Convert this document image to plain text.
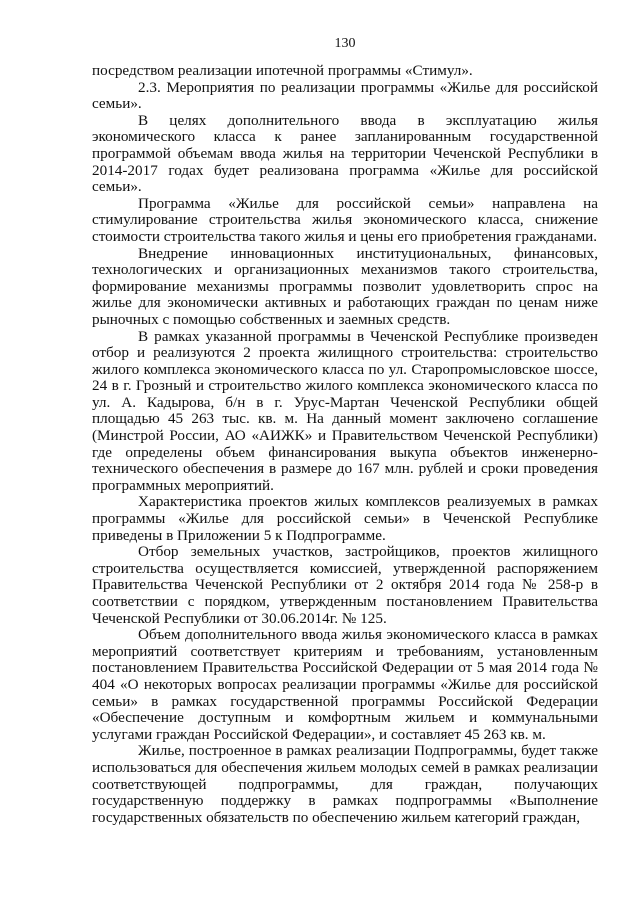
130

посредством реализации ипотечной программы «Стимул».

2.3. Мероприятия по реализации программы «Жилье для российской семьи».

В целях дополнительного ввода в эксплуатацию жилья экономического класса к ранее запланированным государственной программой объемам ввода жилья на территории Чеченской Республики в 2014-2017 годах будет реализована программа «Жилье для российской семьи».

Программа «Жилье для российской семьи» направлена на стимулирование строительства жилья экономического класса, снижение стоимости строительства такого жилья и цены его приобретения гражданами.

Внедрение инновационных институциональных, финансовых, технологических и организационных механизмов такого строительства, формирование механизмы программы позволит удовлетворить спрос на жилье для экономически активных и работающих граждан по ценам ниже рыночных с помощью собственных и заемных средств.

В рамках указанной программы в Чеченской Республике произведен отбор и реализуются 2 проекта жилищного строительства: строительство жилого комплекса экономического класса по ул. Старопромысловское шоссе, 24 в г. Грозный и строительство жилого комплекса экономического класса по ул. А. Кадырова, б/н в г. Урус-Мартан Чеченской Республики общей площадью 45 263 тыс. кв. м. На данный момент заключено соглашение (Минстрой России, АО «АИЖК» и Правительством Чеченской Республики) где определены объем финансирования выкупа объектов инженерно-технического обеспечения в размере до 167 млн. рублей и сроки проведения программных мероприятий.

Характеристика проектов жилых комплексов реализуемых в рамках программы «Жилье для российской семьи» в Чеченской Республике приведены в Приложении 5 к Подпрограмме.

Отбор земельных участков, застройщиков, проектов жилищного строительства осуществляется комиссией, утвержденной распоряжением Правительства Чеченской Республики от 2 октября 2014 года № 258-р в соответствии с порядком, утвержденным постановлением Правительства Чеченской Республики от 30.06.2014г. № 125.

Объем дополнительного ввода жилья экономического класса в рамках мероприятий соответствует критериям и требованиям, установленным постановлением Правительства Российской Федерации от 5 мая 2014 года № 404 «О некоторых вопросах реализации программы «Жилье для российской семьи» в рамках государственной программы Российской Федерации «Обеспечение доступным и комфортным жильем и коммунальными услугами граждан Российской Федерации», и составляет 45 263 кв. м.

Жилье, построенное в рамках реализации Подпрограммы, будет также использоваться для обеспечения жильем молодых семей в рамках реализации соответствующей подпрограммы, для граждан, получающих государственную поддержку в рамках подпрограммы «Выполнение государственных обязательств по обеспечению жильем категорий граждан,
